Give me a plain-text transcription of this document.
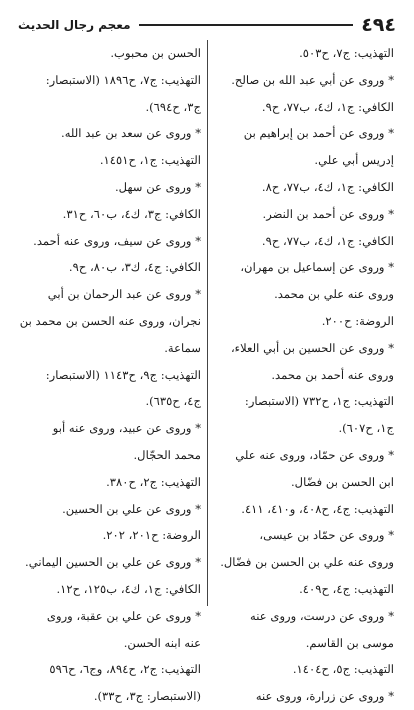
٤٩٤
معجم رجال الحديث
التهذيب: ج٧، ح٥٠٣.
* وروى عن أبي عبد الله بن صالح.
الكافي: ج١، ك٤، ب٧٧، ح٩.
* وروى عن أحمد بن إبراهيم بن
إدريس أبي علي.
الكافي: ج١، ك٤، ب٧٧، ح٨.
* وروى عن أحمد بن النضر.
الكافي: ج١، ك٤، ب٧٧، ح٩.
* وروى عن إسماعيل بن مهران،
وروى عنه علي بن محمد.
الروضة: ح٢٠٠.
* وروى عن الحسين بن أبي العلاء،
وروى عنه أحمد بن محمد.
التهذيب: ج١، ح٧٣٢ (الاستبصار:
ج١، ح٦٠٧).
* وروى عن حمّاد، وروى عنه علي
ابن الحسن بن فضّال.
التهذيب: ج٤، ح٤٠٨، و٤١٠، ٤١١.
* وروى عن حمّاد بن عيسى،
وروى عنه علي بن الحسن بن فضّال.
التهذيب: ج٤، ح٤٠٩.
* وروى عن درست، وروى عنه
موسى بن القاسم.
التهذيب: ج٥، ح١٤٠٤.
* وروى عن زرارة، وروى عنه
الحسن بن محبوب.
التهذيب: ج٧، ح١٨٩٦ (الاستبصار:
ج٣، ح٦٩٤).
* وروى عن سعد بن عبد الله.
التهذيب: ج١، ح١٤٥١.
* وروى عن سهل.
الكافي: ج٣، ك٤، ب٦٠، ح٣١.
* وروى عن سيف، وروى عنه أحمد.
الكافي: ج٤، ك٣، ب٨٠، ح٩.
* وروى عن عبد الرحمان بن أبي
نجران، وروى عنه الحسن بن محمد بن
سماعة.
التهذيب: ج٩، ح١١٤٣ (الاستبصار:
ج٤، ح٦٣٥).
* وروى عن عبيد، وروى عنه أبو
محمد الحجّال.
التهذيب: ج٢، ح٣٨٠.
* وروى عن علي بن الحسين.
الروضة: ح٢٠١، ٢٠٢.
* وروى عن علي بن الحسين اليماني.
الكافي: ج١، ك٤، ب١٢٥، ح١٢.
* وروى عن علي بن عقبة، وروى
عنه ابنه الحسن.
التهذيب: ج٢، ح٨٩٤، وج٦، ح٥٩٦
(الاستبصار: ج٣، ح٣٣).
